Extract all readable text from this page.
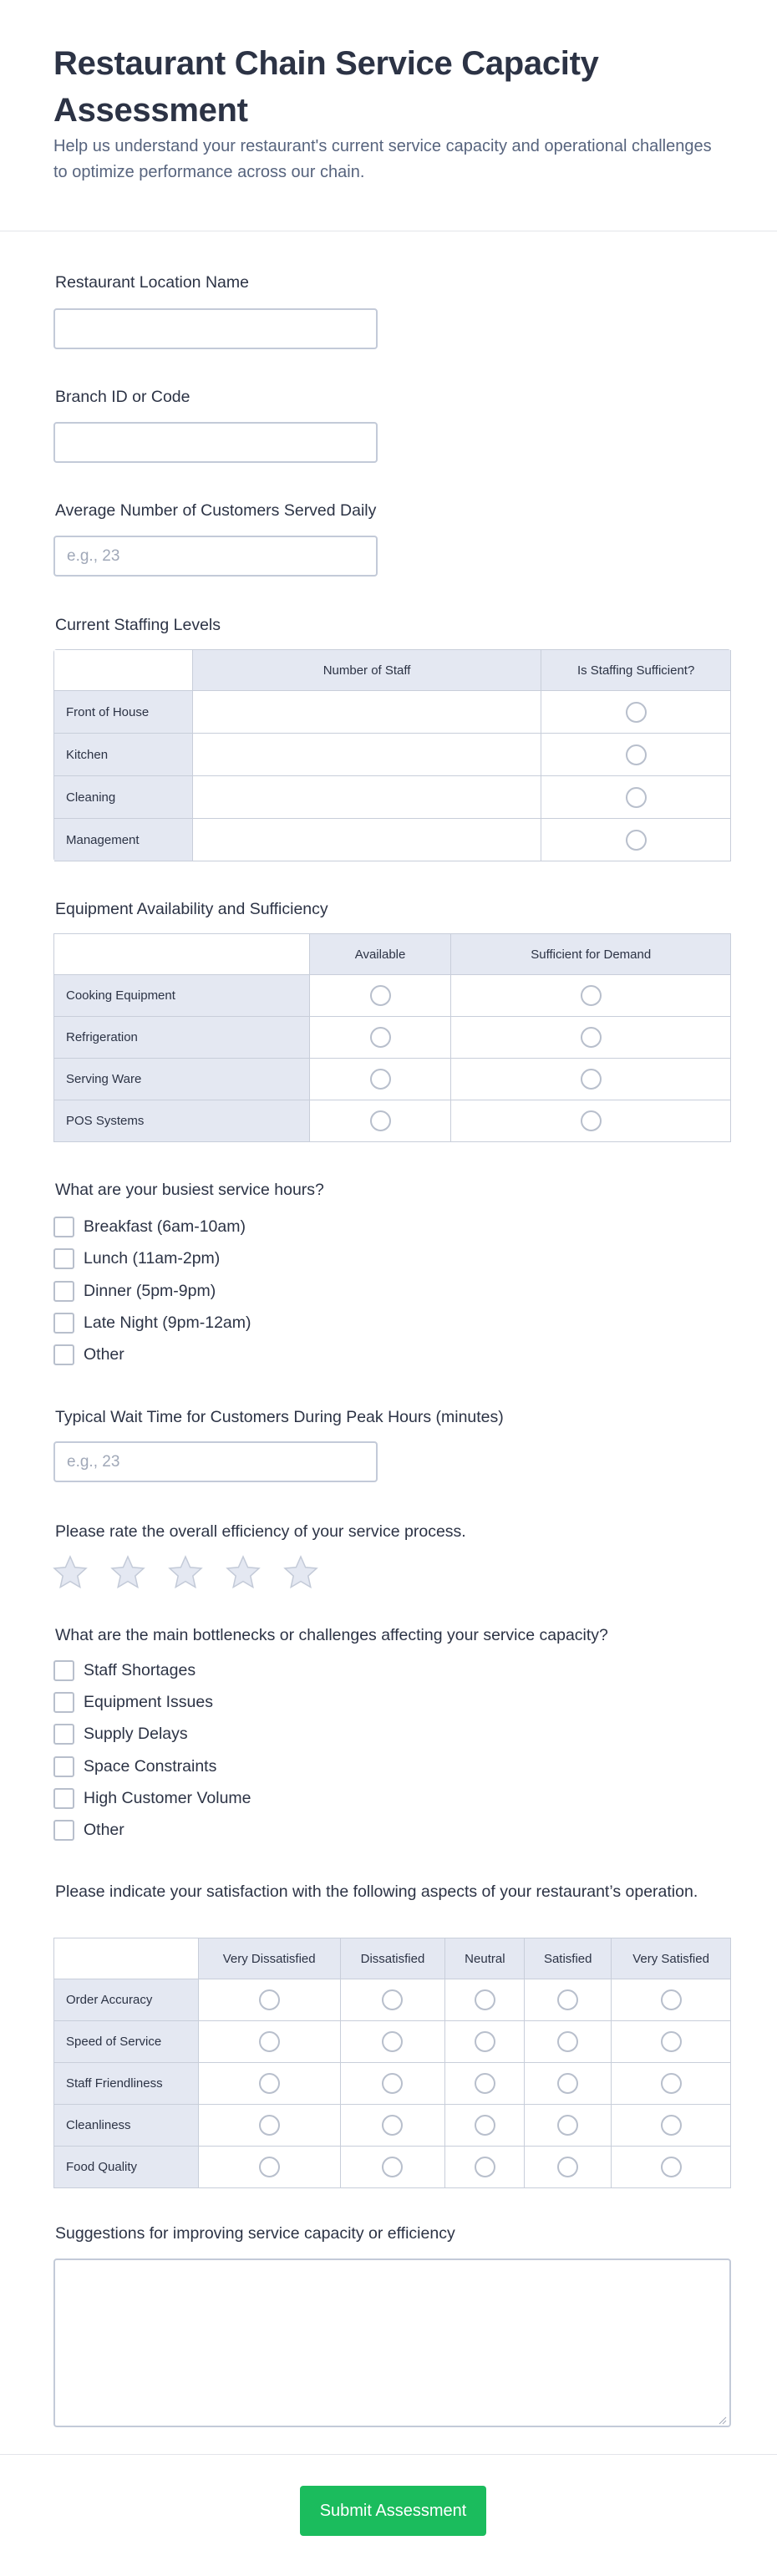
Restaurant Chain Service Capacity Assessment

Help us understand your restaurant's current service capacity and operational challenges to optimize performance across our chain.

Restaurant Location Name
Branch ID or Code
Average Number of Customers Served Daily
e.g., 23
Current Staffing Levels
	Number of Staff	Is Staffing Sufficient?
Front of House		
Kitchen		
Cleaning		
Management		
Equipment Availability and Sufficiency
	Available	Sufficient for Demand
Cooking Equipment		
Refrigeration		
Serving Ware		
POS Systems		
What are your busiest service hours?
Breakfast (6am-10am)
Lunch (11am-2pm)
Dinner (5pm-9pm)
Late Night (9pm-12am)
Other
Typical Wait Time for Customers During Peak Hours (minutes)
e.g., 23
Please rate the overall efficiency of your service process.
What are the main bottlenecks or challenges affecting your service capacity?
Staff Shortages
Equipment Issues
Supply Delays
Space Constraints
High Customer Volume
Other
Please indicate your satisfaction with the following aspects of your restaurant’s operation.
	Very Dissatisfied	Dissatisfied	Neutral	Satisfied	Very Satisfied
Order Accuracy					
Speed of Service					
Staff Friendliness					
Cleanliness					
Food Quality					
Suggestions for improving service capacity or efficiency
Submit Assessment
